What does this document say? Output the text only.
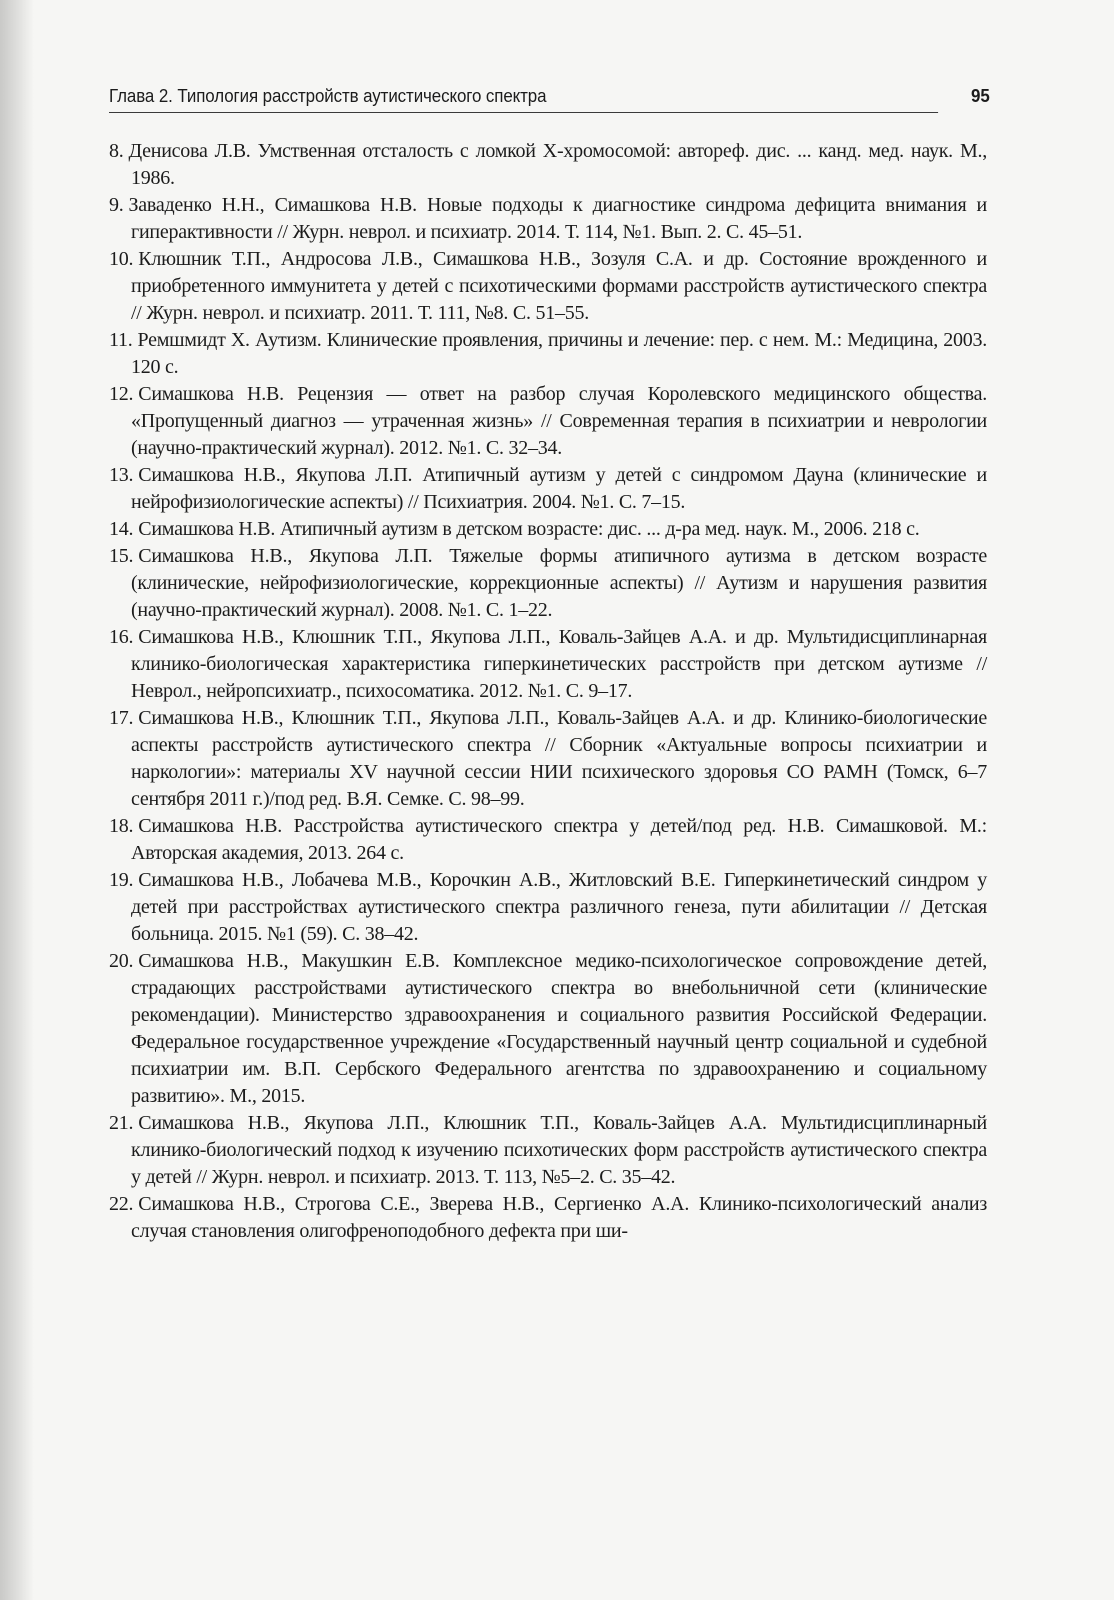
Глава 2. Типология расстройств аутистического спектра	95
8. Денисова Л.В. Умственная отсталость с ломкой Х-хромосомой: автореф. дис. ... канд. мед. наук. М., 1986.
9. Заваденко Н.Н., Симашкова Н.В. Новые подходы к диагностике синдрома дефицита внимания и гиперактивности // Журн. неврол. и психиатр. 2014. Т. 114, №1. Вып. 2. С. 45–51.
10. Клюшник Т.П., Андросова Л.В., Симашкова Н.В., Зозуля С.А. и др. Состояние врожденного и приобретенного иммунитета у детей с психотическими формами расстройств аутистического спектра // Журн. неврол. и психиатр. 2011. Т. 111, №8. С. 51–55.
11. Ремшмидт Х. Аутизм. Клинические проявления, причины и лечение: пер. с нем. М.: Медицина, 2003. 120 с.
12. Симашкова Н.В. Рецензия — ответ на разбор случая Королевского медицинского общества. «Пропущенный диагноз — утраченная жизнь» // Современная терапия в психиатрии и неврологии (научно-практический журнал). 2012. №1. С. 32–34.
13. Симашкова Н.В., Якупова Л.П. Атипичный аутизм у детей с синдромом Дауна (клинические и нейрофизиологические аспекты) // Психиатрия. 2004. №1. С. 7–15.
14. Симашкова Н.В. Атипичный аутизм в детском возрасте: дис. ... д-ра мед. наук. М., 2006. 218 с.
15. Симашкова Н.В., Якупова Л.П. Тяжелые формы атипичного аутизма в детском возрасте (клинические, нейрофизиологические, коррекционные аспекты) // Аутизм и нарушения развития (научно-практический журнал). 2008. №1. С. 1–22.
16. Симашкова Н.В., Клюшник Т.П., Якупова Л.П., Коваль-Зайцев А.А. и др. Мультидисциплинарная клинико-биологическая характеристика гиперкинетических расстройств при детском аутизме // Неврол., нейропсихиатр., психосоматика. 2012. №1. С. 9–17.
17. Симашкова Н.В., Клюшник Т.П., Якупова Л.П., Коваль-Зайцев А.А. и др. Клинико-биологические аспекты расстройств аутистического спектра // Сборник «Актуальные вопросы психиатрии и наркологии»: материалы XV научной сессии НИИ психического здоровья СО РАМН (Томск, 6–7 сентября 2011 г.)/под ред. В.Я. Семке. С. 98–99.
18. Симашкова Н.В. Расстройства аутистического спектра у детей/под ред. Н.В. Симашковой. М.: Авторская академия, 2013. 264 с.
19. Симашкова Н.В., Лобачева М.В., Корочкин А.В., Житловский В.Е. Гиперкинетический синдром у детей при расстройствах аутистического спектра различного генеза, пути абилитации // Детская больница. 2015. №1 (59). С. 38–42.
20. Симашкова Н.В., Макушкин Е.В. Комплексное медико-психологическое сопровождение детей, страдающих расстройствами аутистического спектра во внебольничной сети (клинические рекомендации). Министерство здравоохранения и социального развития Российской Федерации. Федеральное государственное учреждение «Государственный научный центр социальной и судебной психиатрии им. В.П. Сербского Федерального агентства по здравоохранению и социальному развитию». М., 2015.
21. Симашкова Н.В., Якупова Л.П., Клюшник Т.П., Коваль-Зайцев А.А. Мультидисциплинарный клинико-биологический подход к изучению психотических форм расстройств аутистического спектра у детей // Журн. неврол. и психиатр. 2013. Т. 113, №5–2. С. 35–42.
22. Симашкова Н.В., Строгова С.Е., Зверева Н.В., Сергиенко А.А. Клинико-психологический анализ случая становления олигофреноподобного дефекта при ши-
